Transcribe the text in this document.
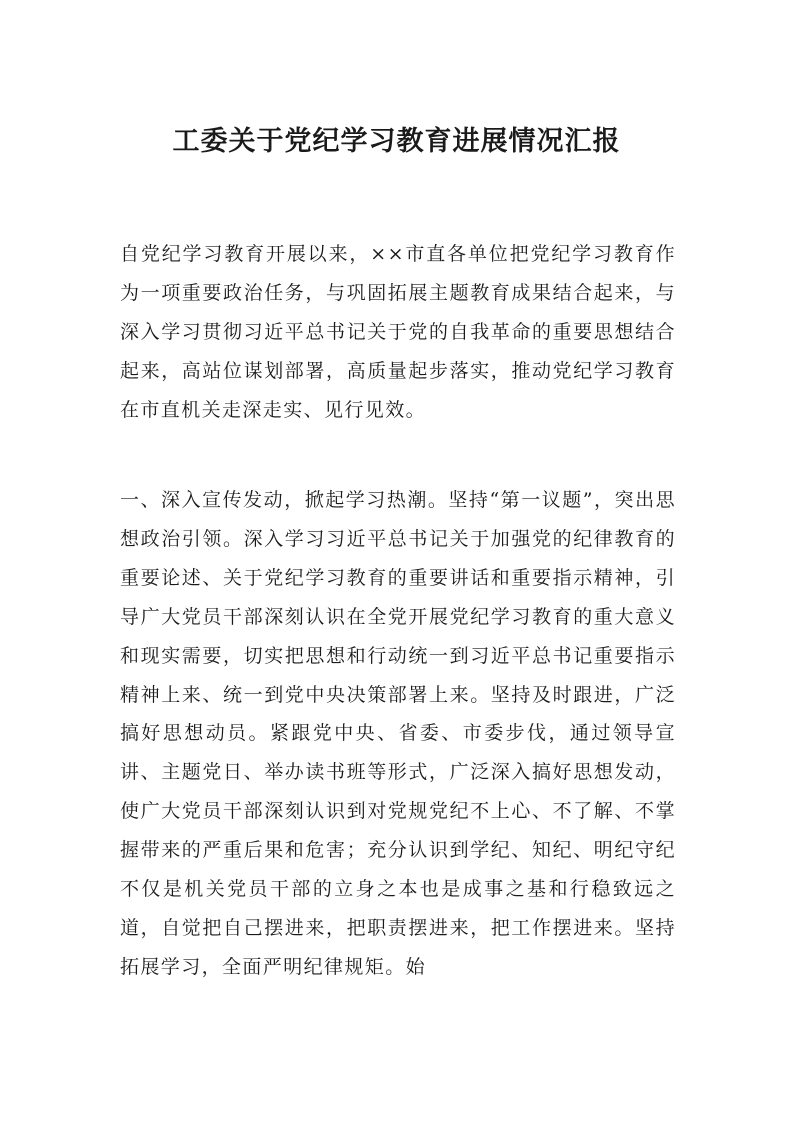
工委关于党纪学习教育进展情况汇报

自党纪学习教育开展以来，××市直各单位把党纪学习教育作为一项重要政治任务，与巩固拓展主题教育成果结合起来，与深入学习贯彻习近平总书记关于党的自我革命的重要思想结合起来，高站位谋划部署，高质量起步落实，推动党纪学习教育在市直机关走深走实、见行见效。

一、深入宣传发动，掀起学习热潮。坚持“第一议题”，突出思想政治引领。深入学习习近平总书记关于加强党的纪律教育的重要论述、关于党纪学习教育的重要讲话和重要指示精神，引导广大党员干部深刻认识在全党开展党纪学习教育的重大意义和现实需要，切实把思想和行动统一到习近平总书记重要指示精神上来、统一到党中央决策部署上来。坚持及时跟进，广泛搞好思想动员。紧跟党中央、省委、市委步伐，通过领导宣讲、主题党日、举办读书班等形式，广泛深入搞好思想发动，使广大党员干部深刻认识到对党规党纪不上心、不了解、不掌握带来的严重后果和危害；充分认识到学纪、知纪、明纪守纪不仅是机关党员干部的立身之本也是成事之基和行稳致远之道，自觉把自己摆进来，把职责摆进来，把工作摆进来。坚持拓展学习，全面严明纪律规矩。始
